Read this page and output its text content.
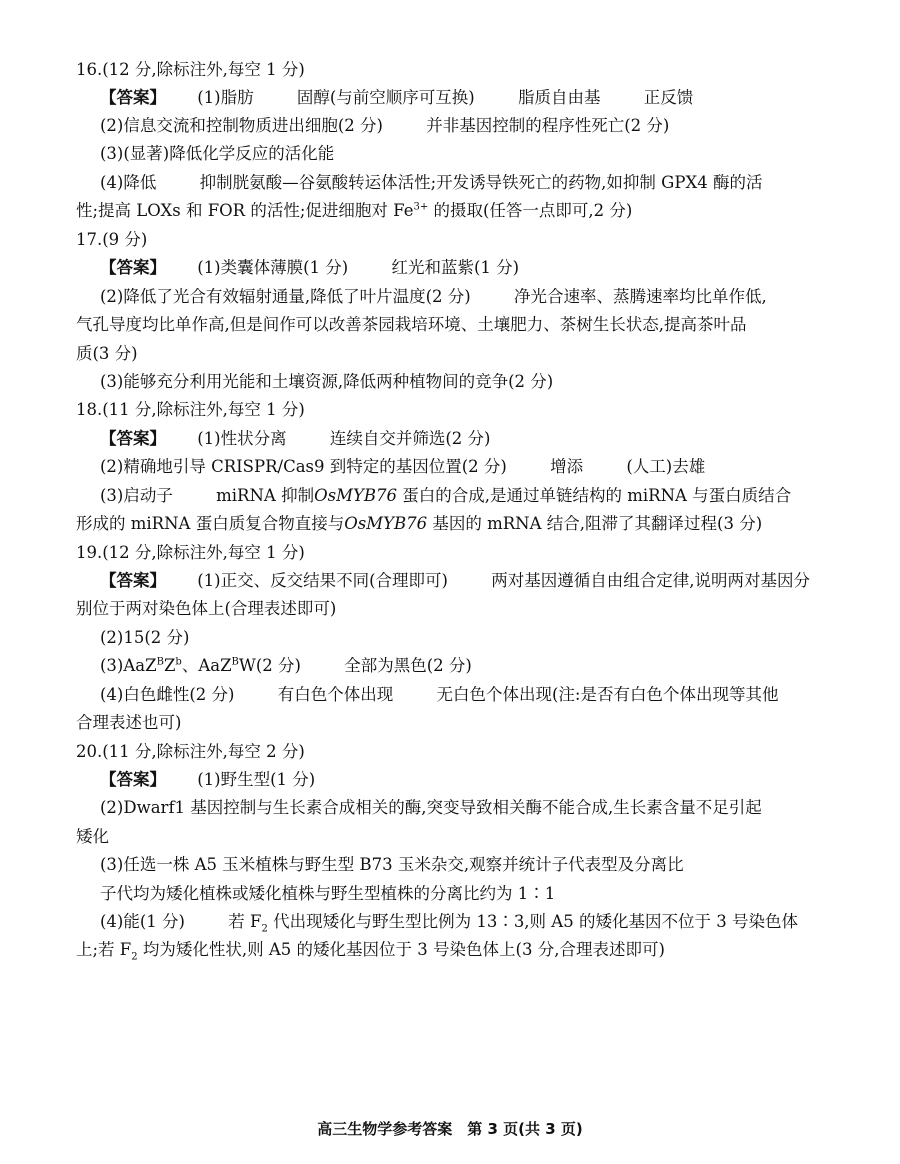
16.(12 分,除标注外,每空 1 分)
【答案】 (1)脂肪	固醇(与前空顺序可互换)	脂质自由基	正反馈
(2)信息交流和控制物质进出细胞(2 分)	并非基因控制的程序性死亡(2 分)
(3)(显著)降低化学反应的活化能
(4)降低	抑制胱氨酸—谷氨酸转运体活性;开发诱导铁死亡的药物,如抑制 GPX4 酶的活
性;提高 LOXs 和 FOR 的活性;促进细胞对 $Fe^{3+}$ 的摄取(任答一点即可,2 分)
17.(9 分)
【答案】 (1)类囊体薄膜(1 分)	红光和蓝紫(1 分)
(2)降低了光合有效辐射通量,降低了叶片温度(2 分)	净光合速率、蒸腾速率均比单作低,
气孔导度均比单作高,但是间作可以改善茶园栽培环境、土壤肥力、茶树生长状态,提高茶叶品
质(3 分)
(3)能够充分利用光能和土壤资源,降低两种植物间的竞争(2 分)
18.(11 分,除标注外,每空 1 分)
【答案】 (1)性状分离	连续自交并筛选(2 分)
(2)精确地引导 CRISPR/Cas9 到特定的基因位置(2 分)	增添	(人工)去雄
(3)启动子	miRNA 抑制OsMYB76 蛋白的合成,是通过单链结构的 miRNA 与蛋白质结合
形成的 miRNA 蛋白质复合物直接与OsMYB76 基因的 mRNA 结合,阻滞了其翻译过程(3 分)
19.(12 分,除标注外,每空 1 分)
【答案】 (1)正交、反交结果不同(合理即可)	两对基因遵循自由组合定律,说明两对基因分
别位于两对染色体上(合理表述即可)
(2)15(2 分)
$(3)AaZ^BZ^b$、AaZ$^B$W(2 分)	全部为黑色(2 分)
(4)白色雌性(2 分)	有白色个体出现	无白色个体出现(注:是否有白色个体出现等其他
合理表述也可)
20.(11 分,除标注外,每空 2 分)
【答案】 (1)野生型(1 分)
(2)Dwarf1 基因控制与生长素合成相关的酶,突变导致相关酶不能合成,生长素含量不足引起
矮化
(3)任选一株 A5 玉米植株与野生型 B73 玉米杂交,观察并统计子代表型及分离比
子代均为矮化植株或矮化植株与野生型植株的分离比约为 1∶1
(4)能(1 分)	若 $F_2$ 代出现矮化与野生型比例为 13∶3,则 A5 的矮化基因不位于 3 号染色体
上;若 $F_2$ 均为矮化性状,则 A5 的矮化基因位于 3 号染色体上(3 分,合理表述即可)
高三生物学参考答案　第 3 页(共 3 页)
